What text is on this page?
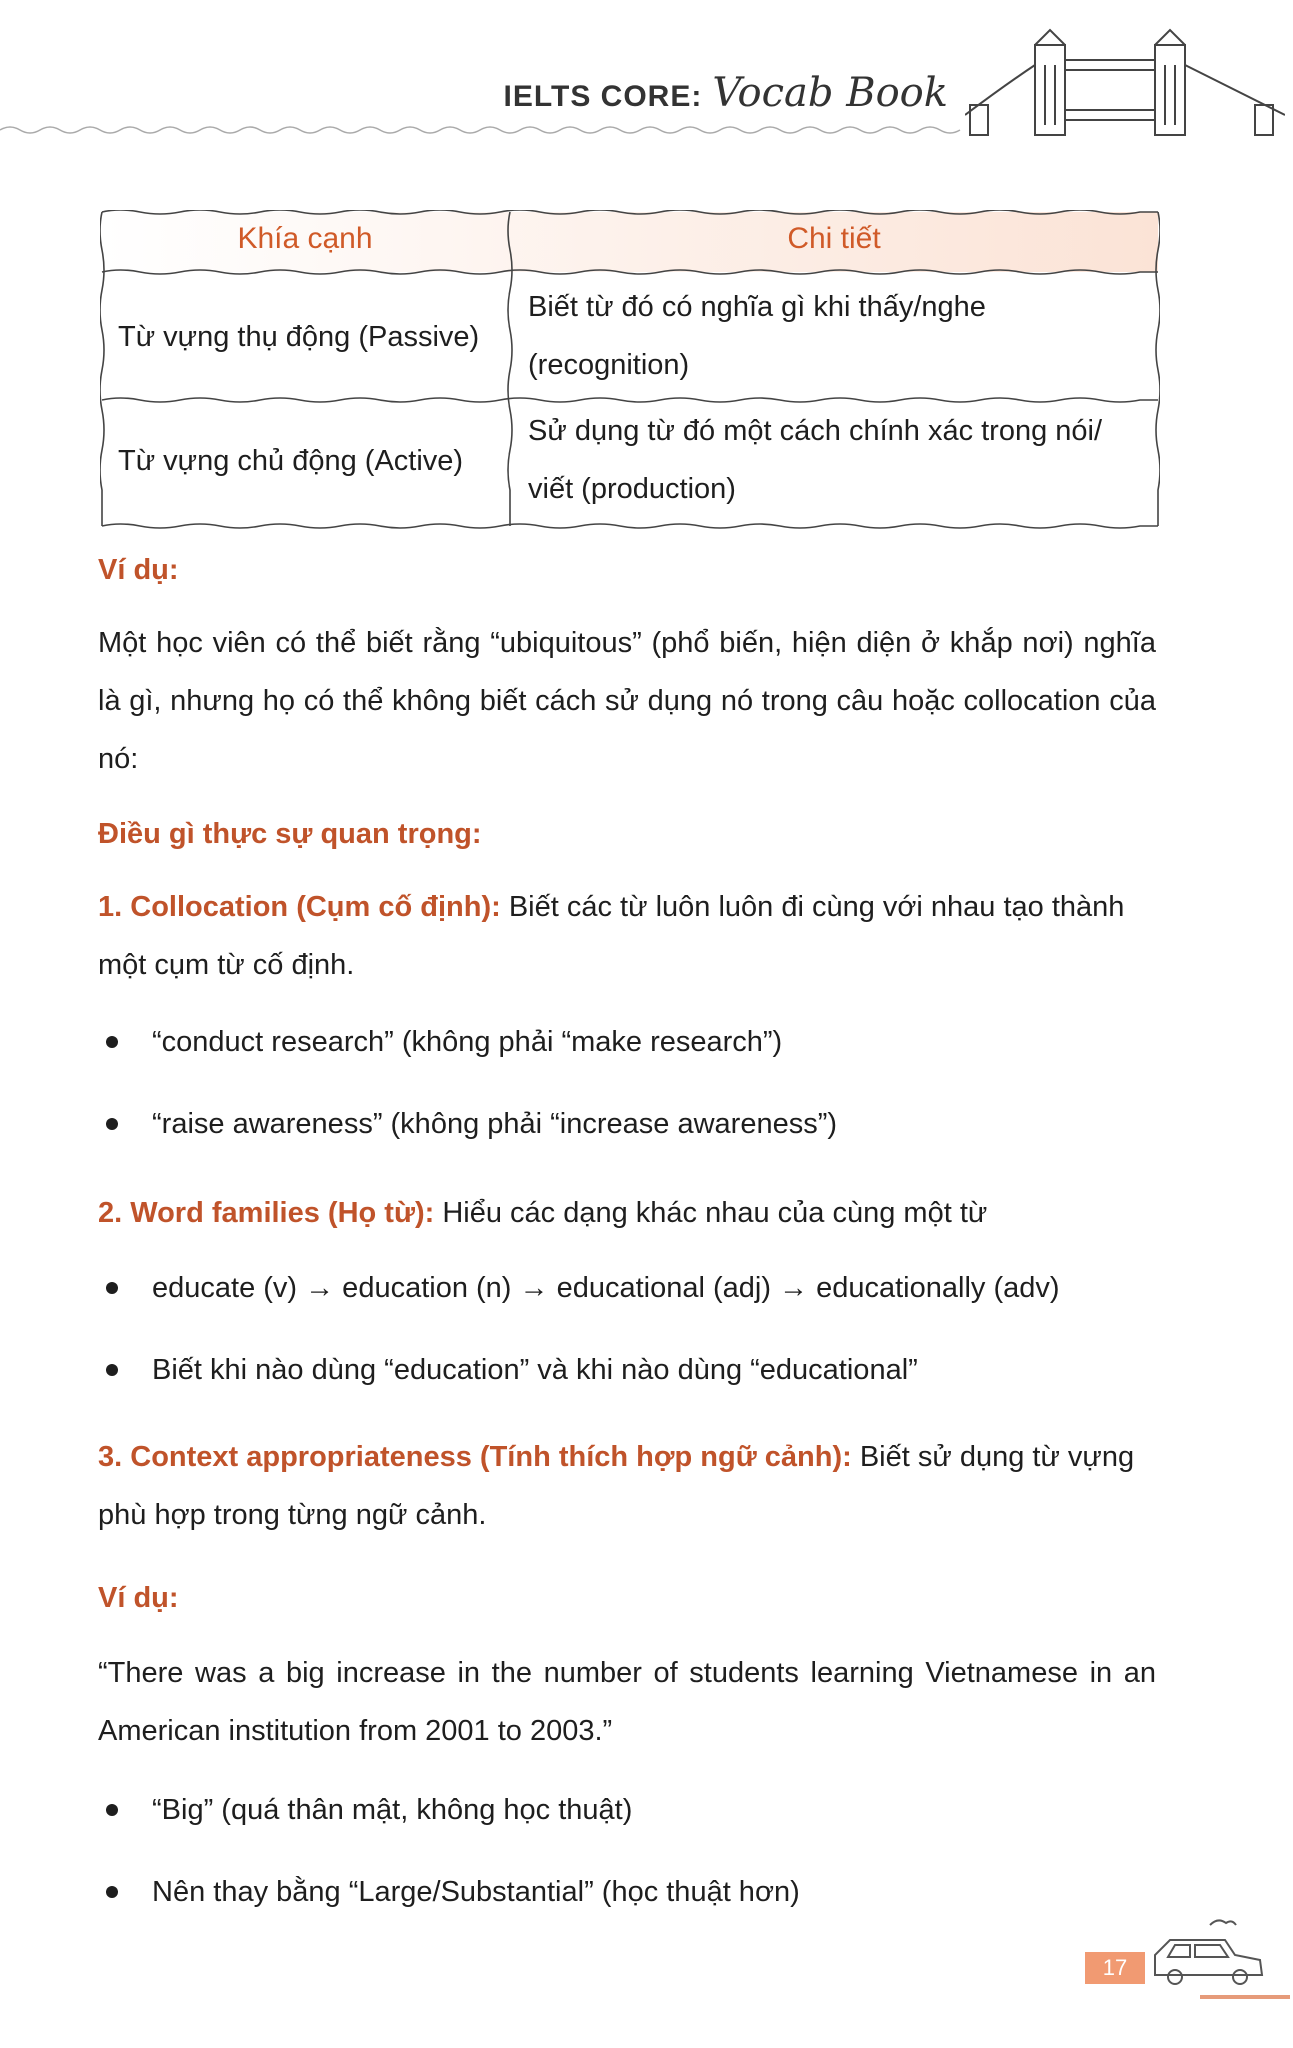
IELTS CORE: Vocab Book
Khía cạnh	Chi tiết
Từ vựng thụ động (Passive)
Biết từ đó có nghĩa gì khi thấy/nghe
(recognition)
Từ vựng chủ động (Active)
Sử dụng từ đó một cách chính xác trong nói/
viết (production)
Ví dụ:
Một học viên có thể biết rằng “ubiquitous” (phổ biến, hiện diện ở khắp nơi) nghĩa là gì, nhưng họ có thể không biết cách sử dụng nó trong câu hoặc collocation của nó:
Điều gì thực sự quan trọng:
1. Collocation (Cụm cố định): Biết các từ luôn luôn đi cùng với nhau tạo thành một cụm từ cố định.
“conduct research” (không phải “make research”)
“raise awareness” (không phải “increase awareness”)
2. Word families (Họ từ): Hiểu các dạng khác nhau của cùng một từ
educate (v) → education (n) → educational (adj) → educationally (adv)
Biết khi nào dùng “education” và khi nào dùng “educational”
3. Context appropriateness (Tính thích hợp ngữ cảnh): Biết sử dụng từ vựng phù hợp trong từng ngữ cảnh.
Ví dụ:
“There was a big increase in the number of students learning Vietnamese in an American institution from 2001 to 2003.”
“Big” (quá thân mật, không học thuật)
Nên thay bằng “Large/Substantial” (học thuật hơn)
17
